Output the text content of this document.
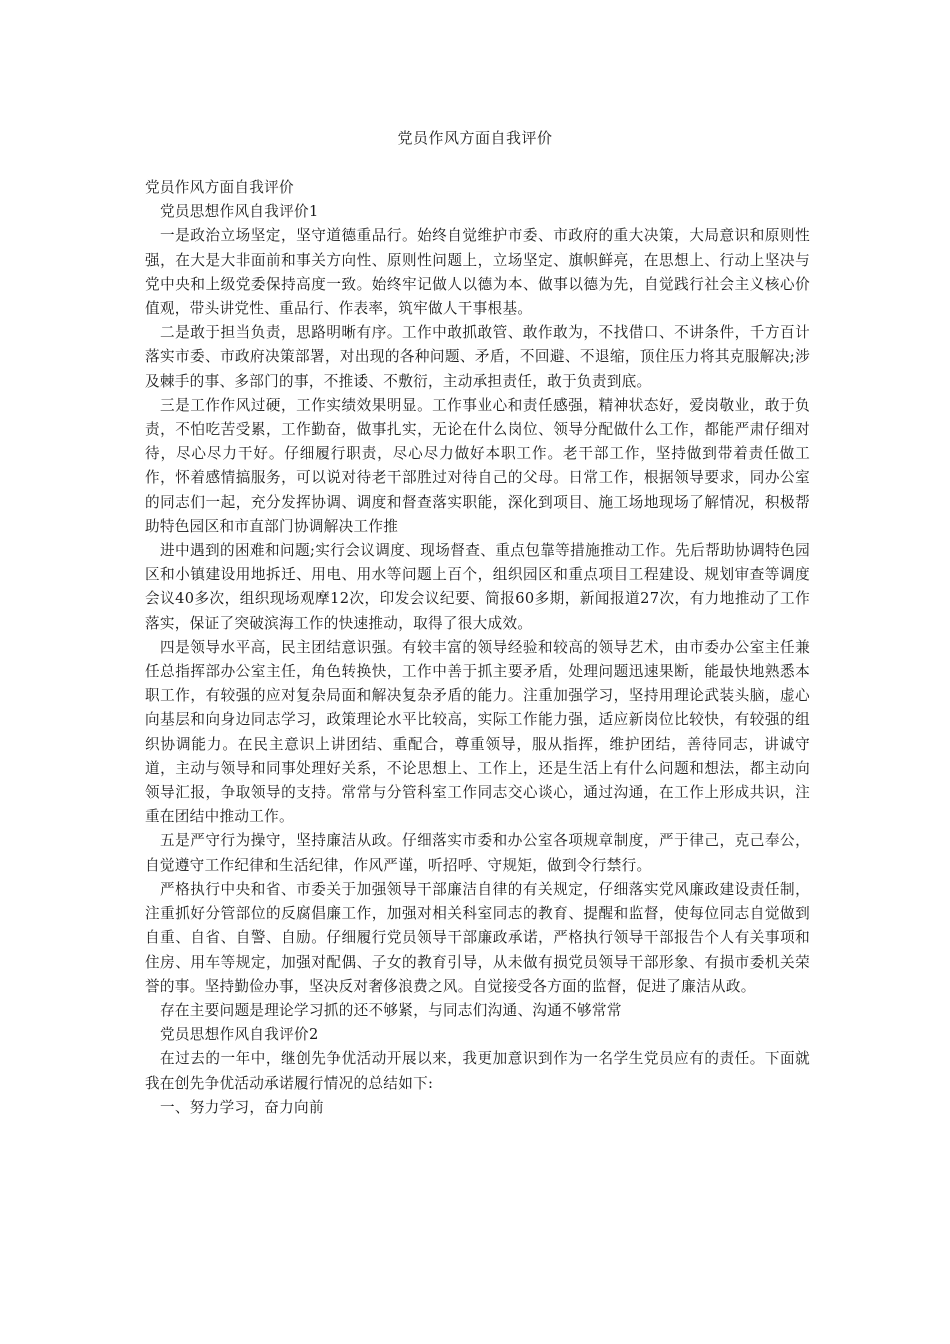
党员作风方面自我评价

党员作风方面自我评价

党员思想作风自我评价1

一是政治立场坚定，坚守道德重品行。始终自觉维护市委、市政府的重大决策，大局意识和原则性强，在大是大非面前和事关方向性、原则性问题上，立场坚定、旗帜鲜亮，在思想上、行动上坚决与党中央和上级党委保持高度一致。始终牢记做人以德为本、做事以德为先，自觉践行社会主义核心价值观，带头讲党性、重品行、作表率，筑牢做人干事根基。

二是敢于担当负责，思路明晰有序。工作中敢抓敢管、敢作敢为，不找借口、不讲条件，千方百计落实市委、市政府决策部署，对出现的各种问题、矛盾，不回避、不退缩，顶住压力将其克服解决;涉及棘手的事、多部门的事，不推诿、不敷衍，主动承担责任，敢于负责到底。

三是工作作风过硬，工作实绩效果明显。工作事业心和责任感强，精神状态好，爱岗敬业，敢于负责，不怕吃苦受累，工作勤奋，做事扎实，无论在什么岗位、领导分配做什么工作，都能严肃仔细对待，尽心尽力干好。仔细履行职责，尽心尽力做好本职工作。老干部工作，坚持做到带着责任做工作，怀着感情搞服务，可以说对待老干部胜过对待自己的父母。日常工作，根据领导要求，同办公室的同志们一起，充分发挥协调、调度和督查落实职能，深化到项目、施工场地现场了解情况，积极帮助特色园区和市直部门协调解决工作推

进中遇到的困难和问题;实行会议调度、现场督查、重点包靠等措施推动工作。先后帮助协调特色园区和小镇建设用地拆迁、用电、用水等问题上百个，组织园区和重点项目工程建设、规划审查等调度会议40多次，组织现场观摩12次，印发会议纪要、简报60多期，新闻报道27次，有力地推动了工作落实，保证了突破滨海工作的快速推动，取得了很大成效。

四是领导水平高，民主团结意识强。有较丰富的领导经验和较高的领导艺术，由市委办公室主任兼任总指挥部办公室主任，角色转换快，工作中善于抓主要矛盾，处理问题迅速果断，能最快地熟悉本职工作，有较强的应对复杂局面和解决复杂矛盾的能力。注重加强学习，坚持用理论武装头脑，虚心向基层和向身边同志学习，政策理论水平比较高，实际工作能力强，适应新岗位比较快，有较强的组织协调能力。在民主意识上讲团结、重配合，尊重领导，服从指挥，维护团结，善待同志，讲诚守道，主动与领导和同事处理好关系，不论思想上、工作上，还是生活上有什么问题和想法，都主动向领导汇报，争取领导的支持。常常与分管科室工作同志交心谈心，通过沟通，在工作上形成共识，注重在团结中推动工作。

五是严守行为操守，坚持廉洁从政。仔细落实市委和办公室各项规章制度，严于律己，克己奉公，自觉遵守工作纪律和生活纪律，作风严谨，听招呼、守规矩，做到令行禁行。

严格执行中央和省、市委关于加强领导干部廉洁自律的有关规定，仔细落实党风廉政建设责任制，注重抓好分管部位的反腐倡廉工作，加强对相关科室同志的教育、提醒和监督，使每位同志自觉做到自重、自省、自警、自励。仔细履行党员领导干部廉政承诺，严格执行领导干部报告个人有关事项和住房、用车等规定，加强对配偶、子女的教育引导，从未做有损党员领导干部形象、有损市委机关荣誉的事。坚持勤俭办事，坚决反对奢侈浪费之风。自觉接受各方面的监督，促进了廉洁从政。

存在主要问题是理论学习抓的还不够紧，与同志们沟通、沟通不够常常

党员思想作风自我评价2

在过去的一年中，继创先争优活动开展以来，我更加意识到作为一名学生党员应有的责任。下面就我在创先争优活动承诺履行情况的总结如下:

一、努力学习，奋力向前
